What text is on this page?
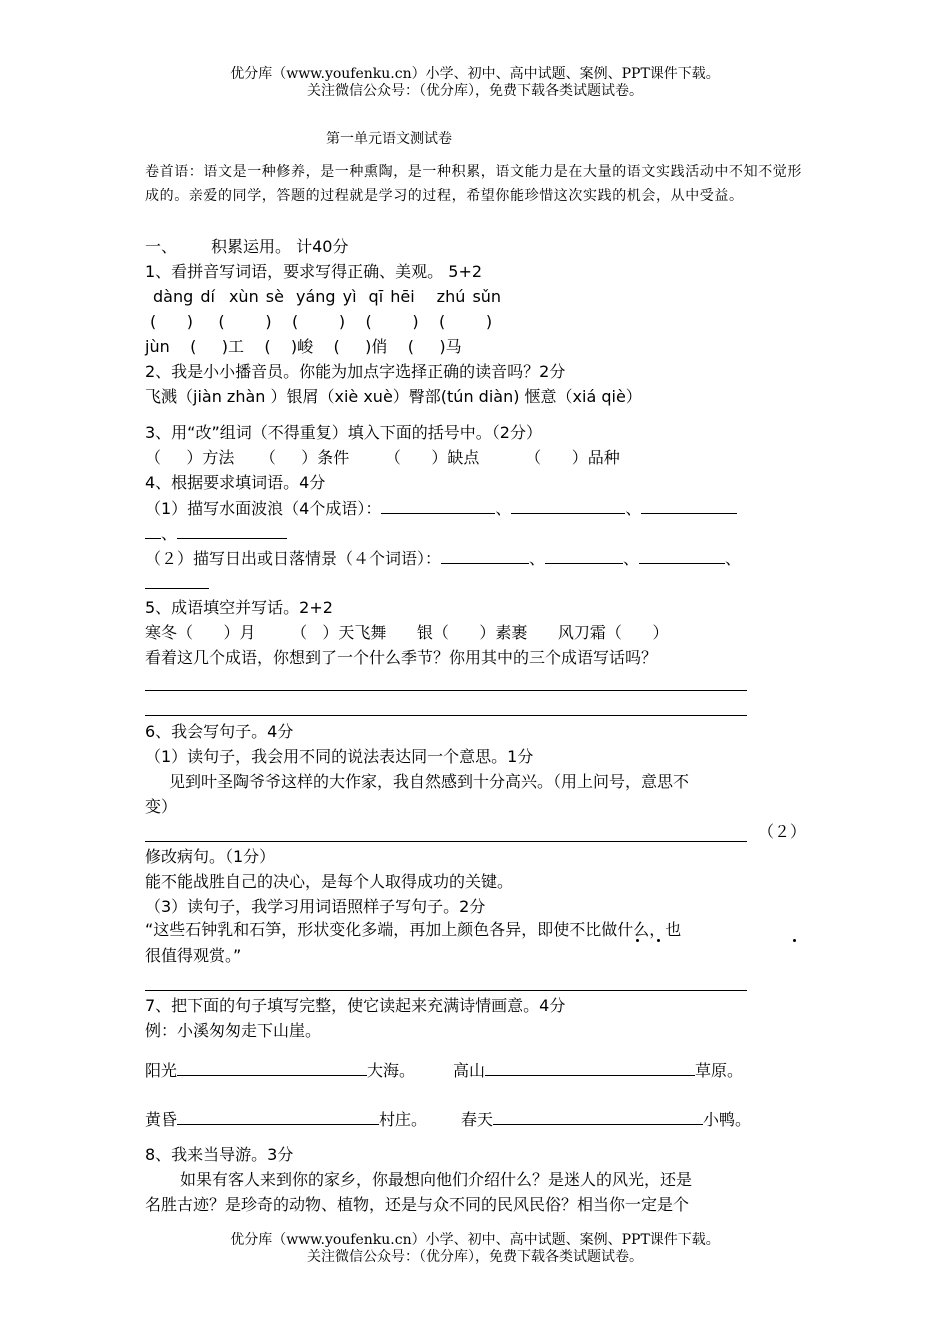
优分库（www.youfenku.cn）小学、初中、高中试题、案例、PPT课件下载。
关注微信公众号：（优分库），免费下载各类试题试卷。
第一单元语文测试卷
卷首语：语文是一种修养，是一种熏陶，是一种积累，语文能力是在大量的语文实践活动中不知不觉形成的。亲爱的同学，答题的过程就是学习的过程，希望你能珍惜这次实践的机会，从中受益。
一、 积累运用。 计40分
1、看拼音写词语，要求写得正确、美观。 5+2
dàng dí xùn sè yáng yì qī hēi zhú sǔn
(      )     (        )    (        )    (        )    (        )
jùn    (     )工    (    )峻    (     )俏    (     )马
2、我是小小播音员。你能为加点字选择正确的读音吗？2分
飞溅（jiàn zhàn ）银屑（xiè xuè）臀部(tún diàn) 惬意（xiá qiè）
3、用“改”组词（不得重复）填入下面的括号中。（2分）
（     ）方法     （     ）条件       （      ）缺点         （      ）品种
4、根据要求填词语。4分
（1）描写水面波浪（4个成语）：	、	、
、
（２）描写日出或日落情景（４个词语）：	、	、	、
5、成语填空并写话。2+2
寒冬（      ）月       （   ）天飞舞      银（      ）素裹      风刀霜（      ）
看着这几个成语，你想到了一个什么季节？你用其中的三个成语写话吗？
6、我会写句子。4分
（1）读句子，我会用不同的说法表达同一个意思。1分
见到叶圣陶爷爷这样的大作家，我自然感到十分高兴。（用上问号，意思不
变）
（２）
修改病句。（1分）
能不能战胜自己的决心，是每个人取得成功的关键。
（3）读句子，我学习用词语照样子写句子。2分
“这些石钟乳和石笋，形状变化多端，再加上颜色各异，即使不比做什么，也
很值得观赏。”
7、把下面的句子填写完整，使它读起来充满诗情画意。4分
例：小溪匆匆走下山崖。
阳光	大海。 高山	草原。
黄昏	村庄。 春天	小鸭。
8、我来当导游。3分
如果有客人来到你的家乡，你最想向他们介绍什么？是迷人的风光，还是
名胜古迹？是珍奇的动物、植物，还是与众不同的民风民俗？相当你一定是个
优分库（www.youfenku.cn）小学、初中、高中试题、案例、PPT课件下载。
关注微信公众号：（优分库），免费下载各类试题试卷。
